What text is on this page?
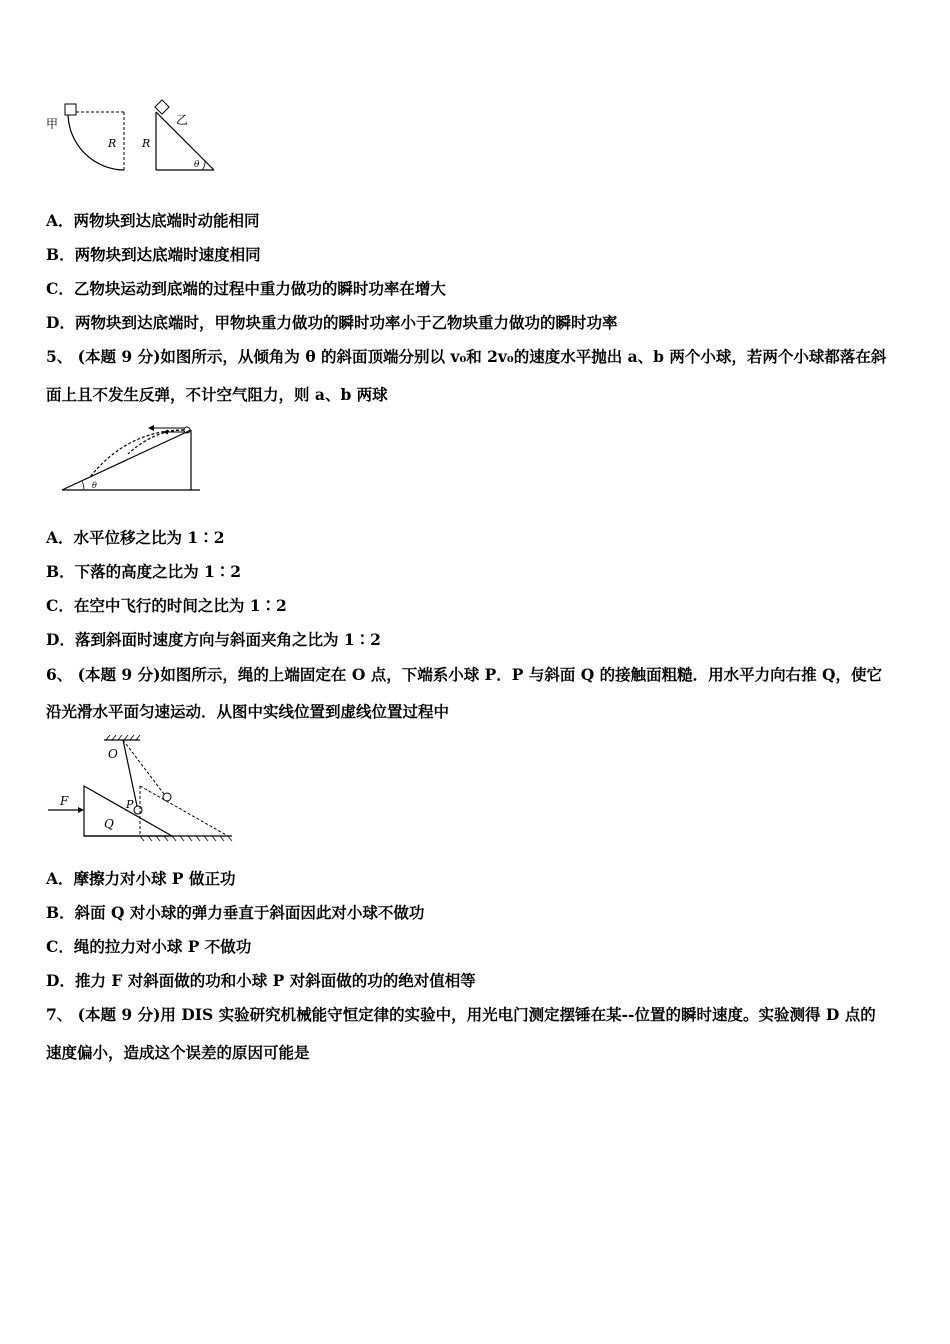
甲
R
乙
R
θ
A．两物块到达底端时动能相同
B．两物块到达底端时速度相同
C．乙物块运动到底端的过程中重力做功的瞬时功率在增大
D．两物块到达底端时，甲物块重力做功的瞬时功率小于乙物块重力做功的瞬时功率
5、 (本题 9 分)如图所示，从倾角为 θ 的斜面顶端分别以 v₀和 2v₀的速度水平抛出 a、b 两个小球，若两个小球都落在斜
面上且不发生反弹，不计空气阻力，则 a、b 两球
θ
A．水平位移之比为 1∶2
B．下落的高度之比为 1∶2
C．在空中飞行的时间之比为 1∶2
D．落到斜面时速度方向与斜面夹角之比为 1∶2
6、 (本题 9 分)如图所示，绳的上端固定在 O 点，下端系小球 P．P 与斜面 Q 的接触面粗糙．用水平力向右推 Q，使它
沿光滑水平面匀速运动．从图中实线位置到虚线位置过程中
O
F	P
Q
A．摩擦力对小球 P 做正功
B．斜面 Q 对小球的弹力垂直于斜面因此对小球不做功
C．绳的拉力对小球 P 不做功
D．推力 F 对斜面做的功和小球 P 对斜面做的功的绝对值相等
7、 (本题 9 分)用 DIS 实验研究机械能守恒定律的实验中，用光电门测定摆锤在某--位置的瞬时速度。实验测得 D 点的
速度偏小，造成这个误差的原因可能是
